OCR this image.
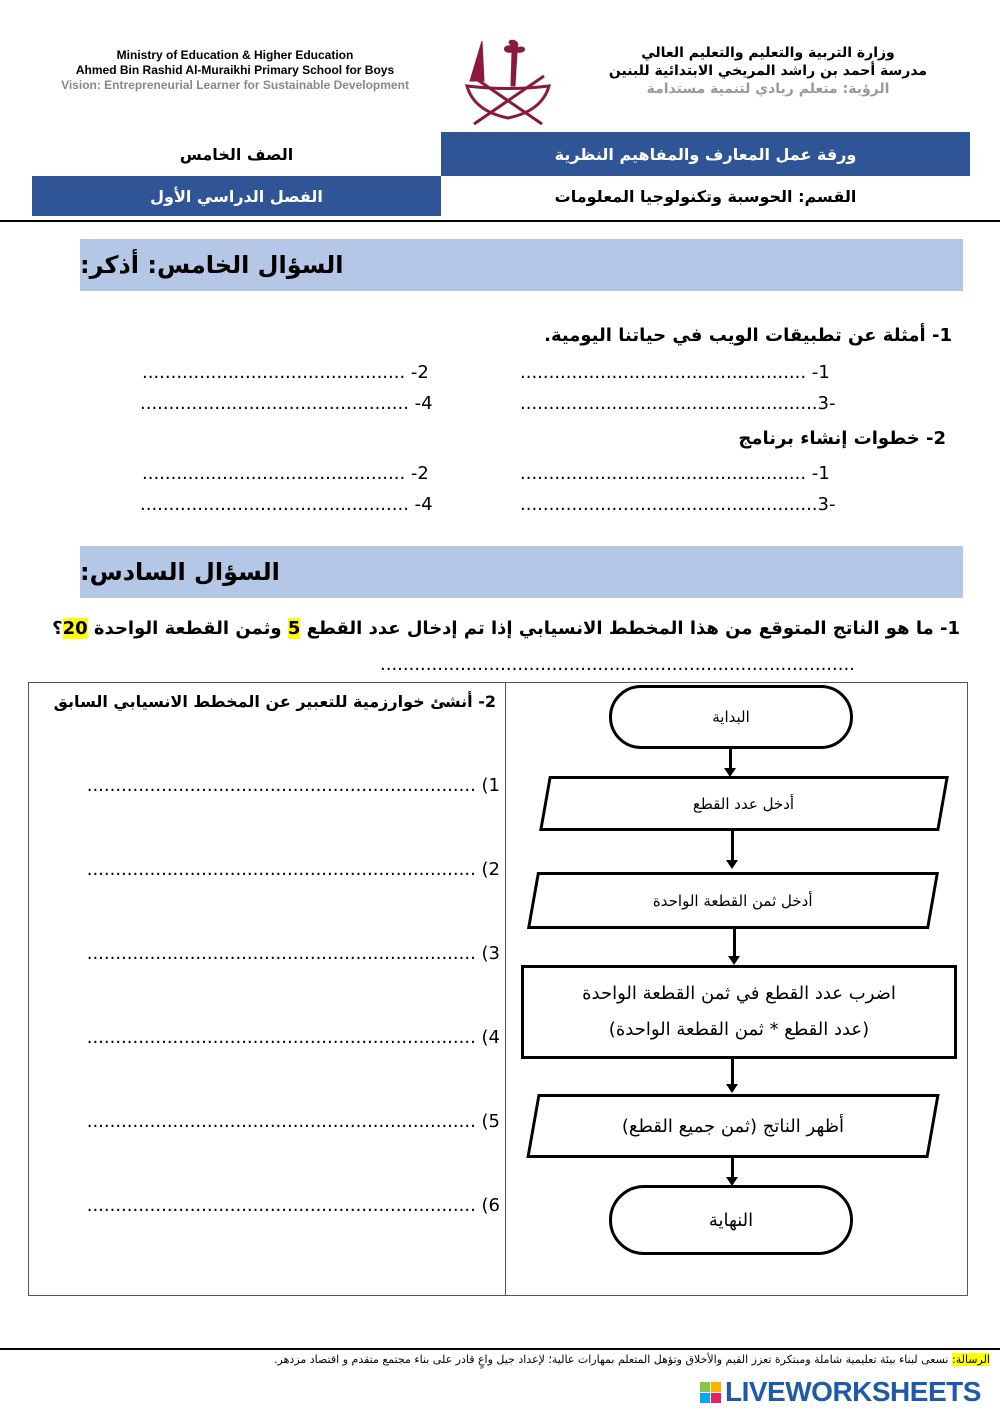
Ministry of Education & Higher Education
Ahmed Bin Rashid Al-Muraikhi Primary School for Boys
Vision: Entrepreneurial Learner for Sustainable Development
وزارة التربية والتعليم والتعليم العالي
مدرسة أحمد بن راشد المريخي الابتدائية للبنين
الرؤية: متعلم ريادي لتنمية مستدامة
الصف الخامس	ورقة عمل المعارف والمفاهيم النظرية
الفصل الدراسي الأول	القسم: الحوسبة وتكنولوجيا المعلومات
السؤال الخامس: أذكر:
1- أمثلة عن تطبيقات الويب في حياتنا اليومية.
1- ..................................................
2- ..............................................
-3....................................................
4- ...............................................
2- خطوات إنشاء برنامج
1- ..................................................
2- ..............................................
-3....................................................
4- ...............................................
السؤال السادس:
1- ما هو الناتج المتوقع من هذا المخطط الانسيابي إذا تم إدخال عدد القطع 5 وثمن القطعة الواحدة 20؟
...................................................................................
2- أنشئ خوارزمية للتعبير عن المخطط الانسيابي السابق
1) ....................................................................
2) ....................................................................
3) ....................................................................
4) ....................................................................
5) ....................................................................
6) ....................................................................
البداية
أدخل عدد القطع
أدخل ثمن القطعة الواحدة
اضرب عدد القطع في ثمن القطعة الواحدة
(عدد القطع * ثمن القطعة الواحدة)
أظهر الناتج (ثمن جميع القطع)
النهاية
الرسالة: نسعى لبناء بيئة تعليمية شاملة ومبتكرة تعزز القيم والأخلاق وتؤهل المتعلم بمهارات عالية؛ لإعداد جيل واعٍ قادر على بناء مجتمع متقدم و اقتصاد مزدهر.
LIVEWORKSHEETS
